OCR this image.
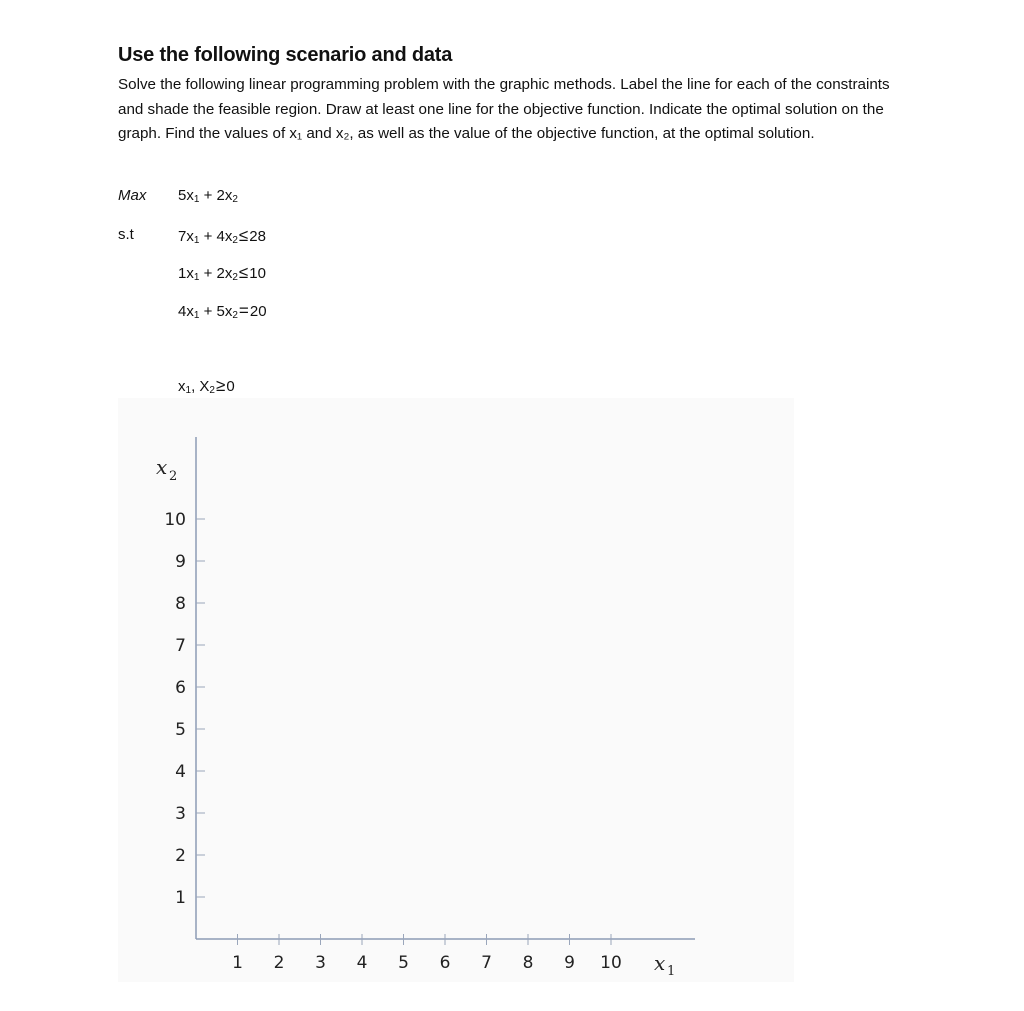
Use the following scenario and data
Solve the following linear programming problem with the graphic methods. Label the line for each of the constraints and shade the feasible region. Draw at least one line for the objective function. Indicate the optimal solution on the graph. Find the values of x₁ and x₂, as well as the value of the objective function, at the optimal solution.
Max $5x_1 + 2x_2$
s.t	$7x_1 + 4x_2\le 28$
$1x_1 + 2x_2\le 10$
$4x_1 + 5x_2=20$
$x_1$, $X_2\ge 0$
1 2 3 4 5 6 7 8 9 10
1
2
3
4
5
6
7
8
9
10
x 1
x 2
